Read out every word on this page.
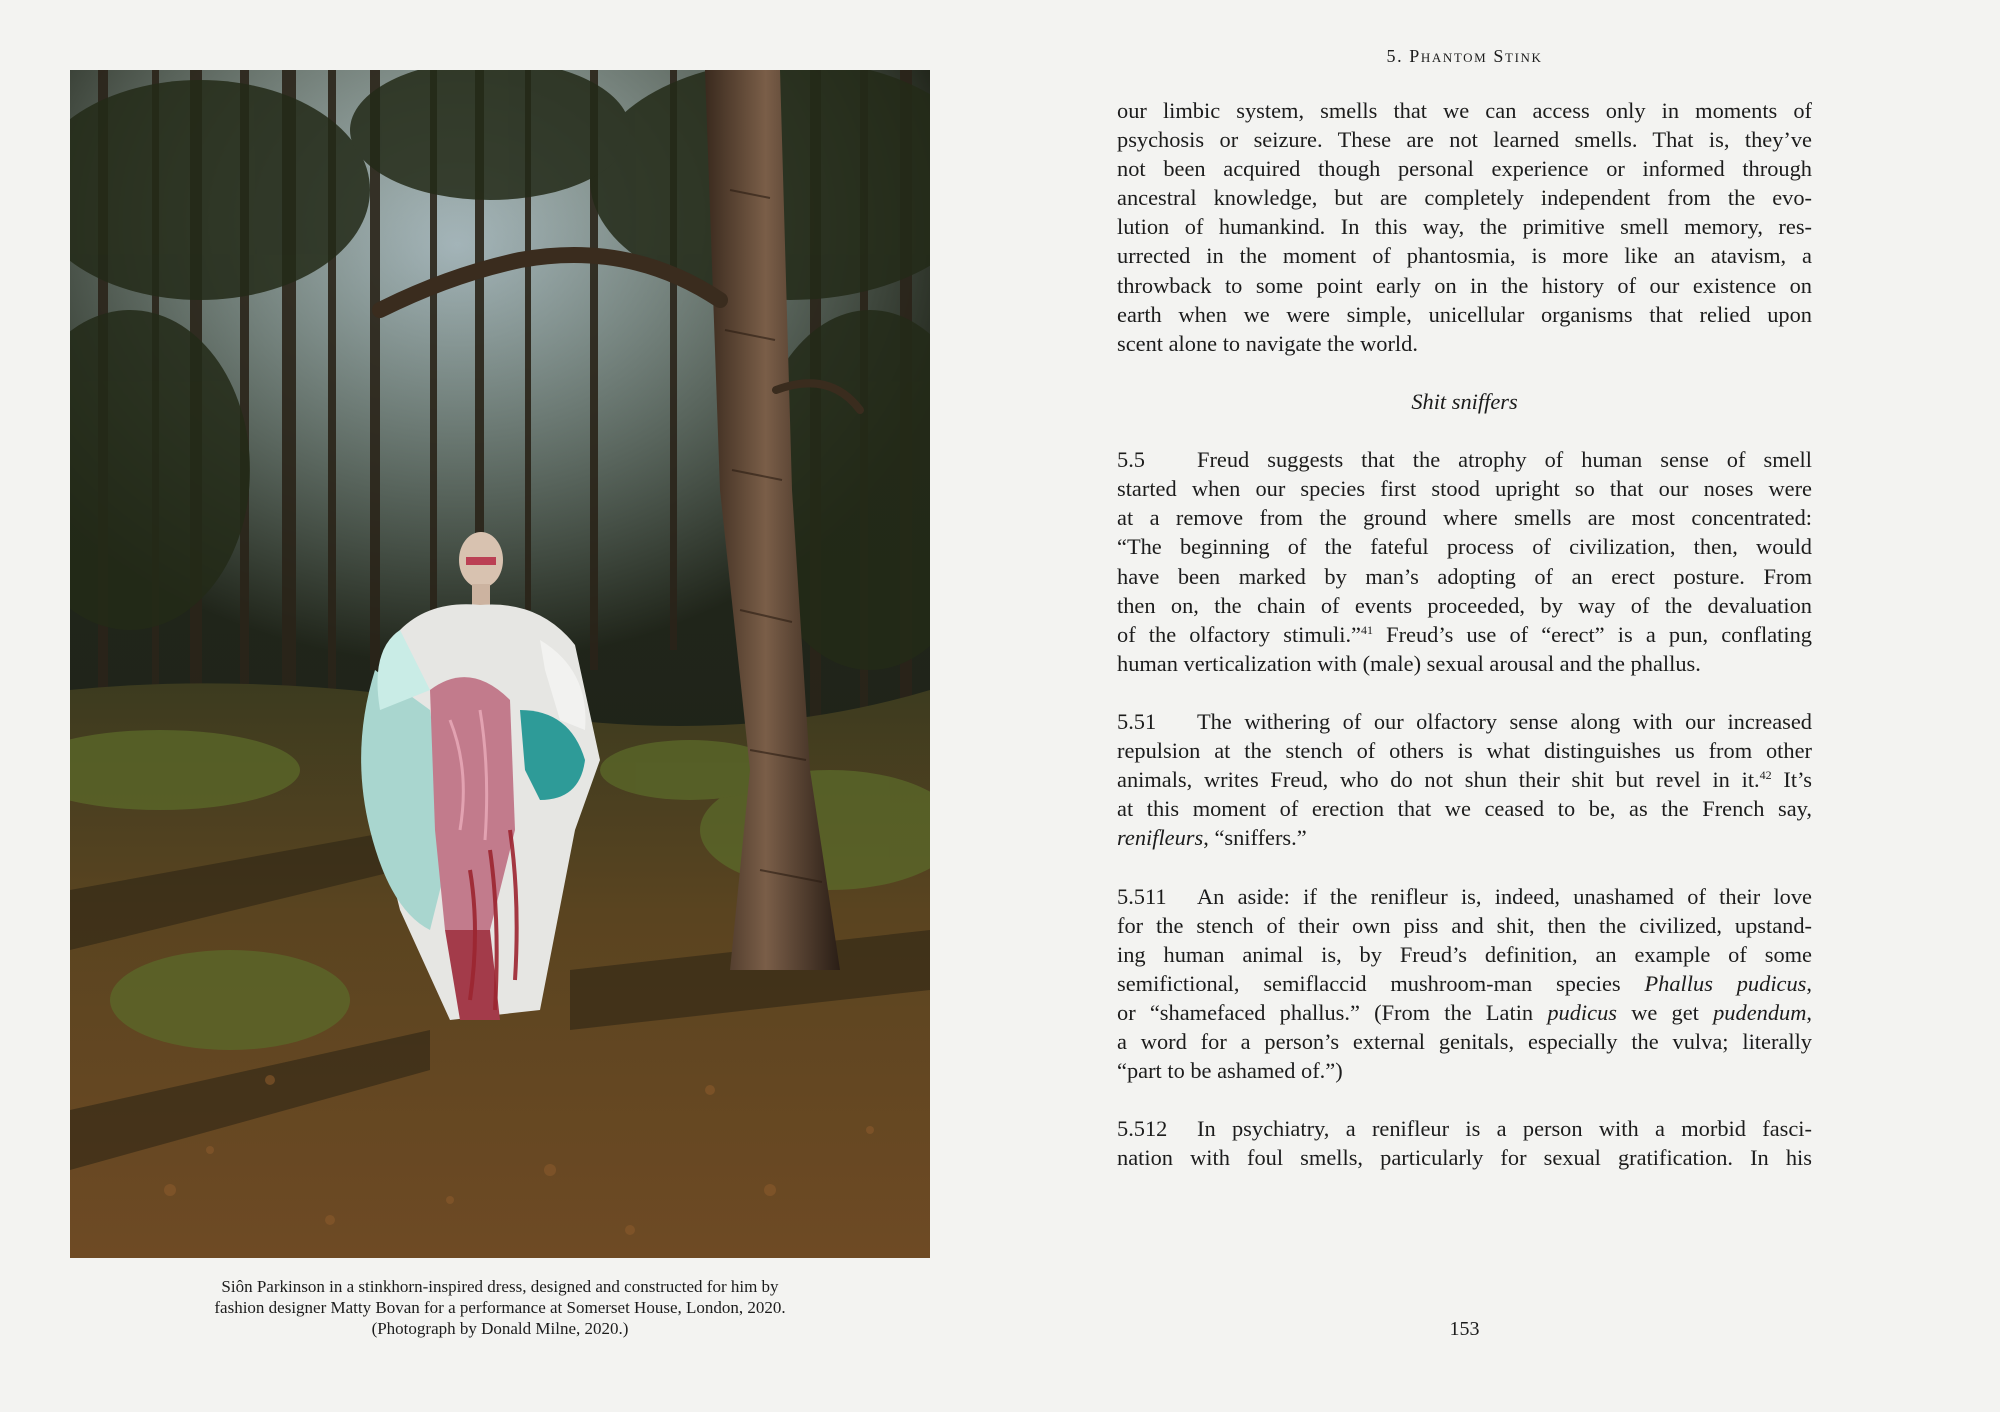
Siôn Parkinson in a stinkhorn-inspired dress, designed and constructed for him by
fashion designer Matty Bovan for a performance at Somerset House, London, 2020.
(Photograph by Donald Milne, 2020.)
5. Phantom Stink
our limbic system, smells that we can access only in moments of
psychosis or seizure. These are not learned smells. That is, they’ve
not been acquired though personal experience or informed through
ancestral knowledge, but are completely independent from the evo-
lution of humankind. In this way, the primitive smell memory, res-
urrected in the moment of phantosmia, is more like an atavism, a
throwback to some point early on in the history of our existence on
earth when we were simple, unicellular organisms that relied upon
scent alone to navigate the world.
Shit sniffers
5.5 Freud suggests that the atrophy of human sense of smell
started when our species first stood upright so that our noses were
at a remove from the ground where smells are most concentrated:
“The beginning of the fateful process of civilization, then, would
have been marked by man’s adopting of an erect posture. From
then on, the chain of events proceeded, by way of the devaluation
of the olfactory stimuli.”$^{41}$ Freud’s use of “erect” is a pun, conflating
human verticalization with (male) sexual arousal and the phallus.
5.51 The withering of our olfactory sense along with our increased
repulsion at the stench of others is what distinguishes us from other
animals, writes Freud, who do not shun their shit but revel in it.$^{42}$ It’s
at this moment of erection that we ceased to be, as the French say,
renifleurs, “sniffers.”
5.511 An aside: if the renifleur is, indeed, unashamed of their love
for the stench of their own piss and shit, then the civilized, upstand-
ing human animal is, by Freud’s definition, an example of some
semifictional, semiflaccid mushroom-man species Phallus pudicus,
or “shamefaced phallus.” (From the Latin pudicus we get pudendum,
a word for a person’s external genitals, especially the vulva; literally
“part to be ashamed of.”)
5.512 In psychiatry, a renifleur is a person with a morbid fasci-
nation with foul smells, particularly for sexual gratification. In his
153
